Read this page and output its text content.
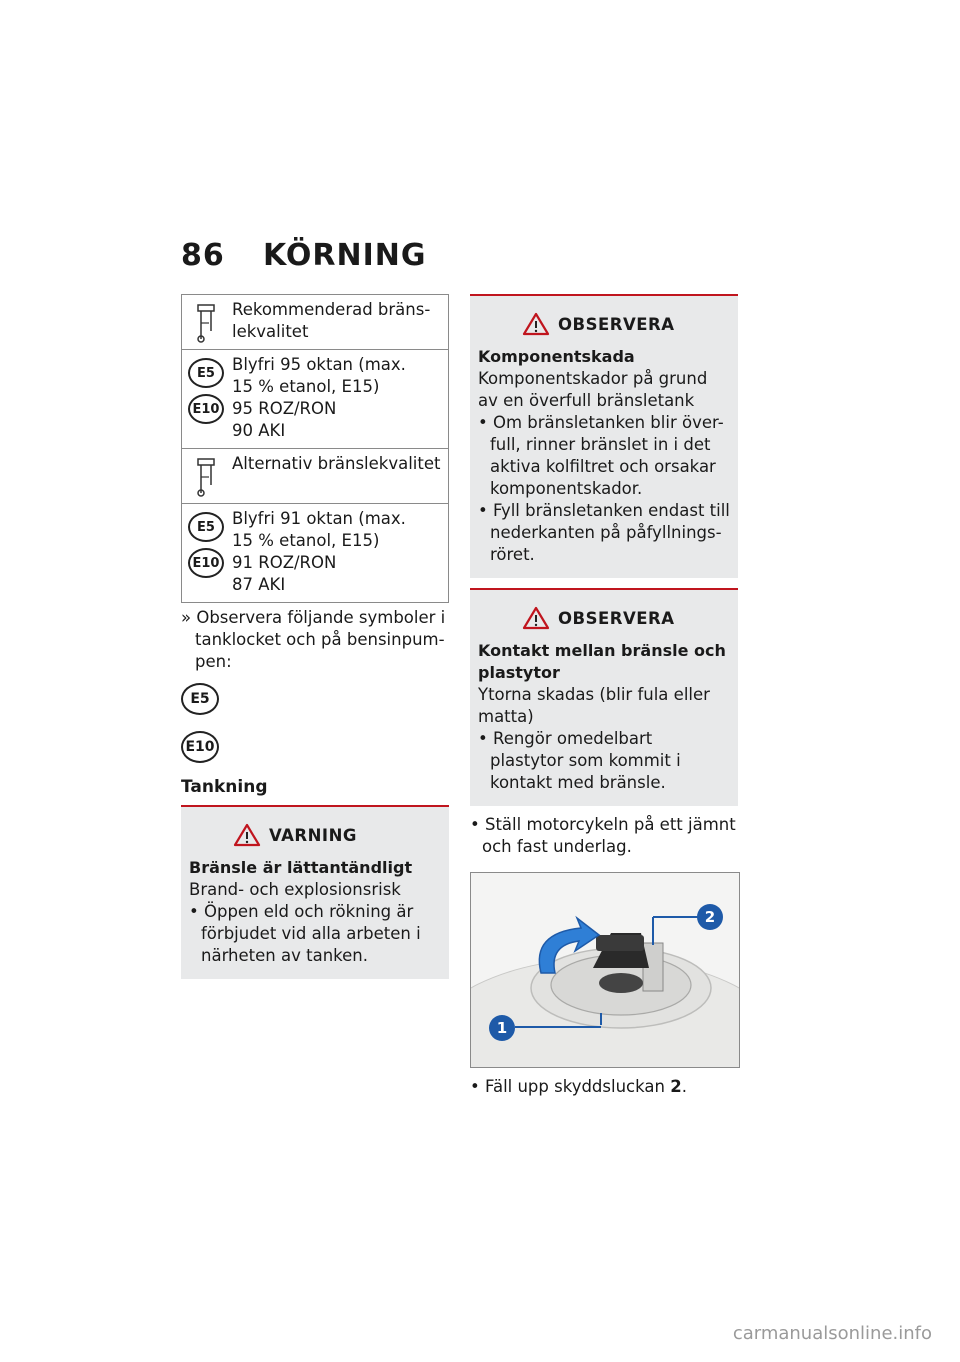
86 KÖRNING
Rekommenderad bräns-
lekvalitet
E5
E10
Blyfri 95 oktan (max.
15 % etanol, E15)
95 ROZ/RON
90 AKI
Alternativ bränslekvalitet
E5
E10
Blyfri 91 oktan (max.
15 % etanol, E15)
91 ROZ/RON
87 AKI
» Observera följande symboler i tanklocket och på bensinpum-pen:
E5
E10
Tankning
VARNING
Bränsle är lättantändligt
Brand- och explosionsrisk
• Öppen eld och rökning är förbjudet vid alla arbeten i närheten av tanken.
OBSERVERA
Komponentskada
Komponentskador på grund av en överfull bränsletank
• Om bränsletanken blir över-full, rinner bränslet in i det aktiva kolfiltret och orsakar komponentskador.
• Fyll bränsletanken endast till nederkanten på påfyllnings-röret.
OBSERVERA
Kontakt mellan bränsle och plastytor
Ytorna skadas (blir fula eller matta)
• Rengör omedelbart plastytor som kommit i kontakt med bränsle.
• Ställ motorcykeln på ett jämnt och fast underlag.
1
2
• Fäll upp skyddsluckan 2.
carmanualsonline.info
